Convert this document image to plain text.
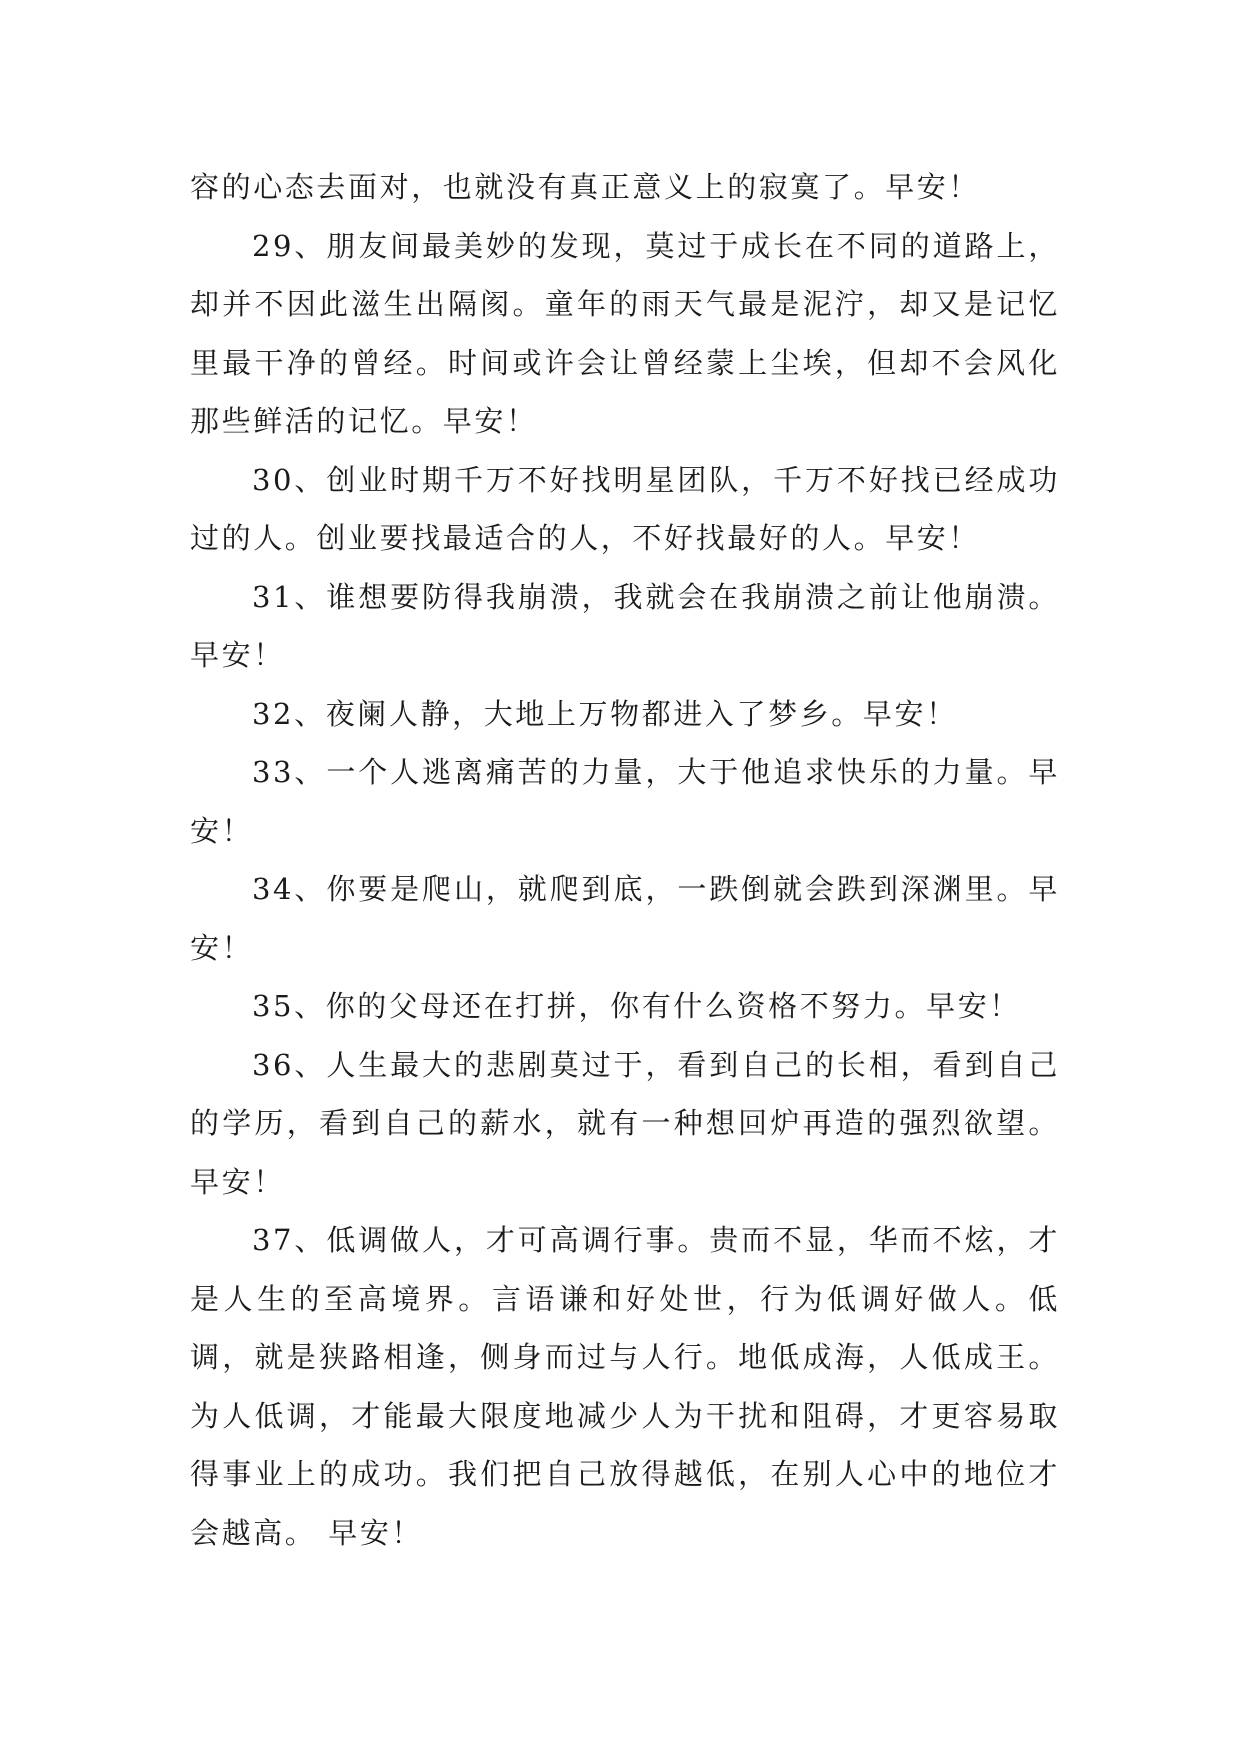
容的心态去面对，也就没有真正意义上的寂寞了。早安！

29、朋友间最美妙的发现，莫过于成长在不同的道路上，却并不因此滋生出隔阂。童年的雨天气最是泥泞，却又是记忆里最干净的曾经。时间或许会让曾经蒙上尘埃，但却不会风化那些鲜活的记忆。早安！

30、创业时期千万不好找明星团队，千万不好找已经成功过的人。创业要找最适合的人，不好找最好的人。早安！

31、谁想要防得我崩溃，我就会在我崩溃之前让他崩溃。早安！

32、夜阑人静，大地上万物都进入了梦乡。早安！

33、一个人逃离痛苦的力量，大于他追求快乐的力量。早安！

34、你要是爬山，就爬到底，一跌倒就会跌到深渊里。早安！

35、你的父母还在打拼，你有什么资格不努力。早安！

36、人生最大的悲剧莫过于，看到自己的长相，看到自己的学历，看到自己的薪水，就有一种想回炉再造的强烈欲望。早安！

37、低调做人，才可高调行事。贵而不显，华而不炫，才是人生的至高境界。言语谦和好处世，行为低调好做人。低调，就是狭路相逢，侧身而过与人行。地低成海，人低成王。为人低调，才能最大限度地减少人为干扰和阻碍，才更容易取得事业上的成功。我们把自己放得越低，在别人心中的地位才会越高。 早安！
